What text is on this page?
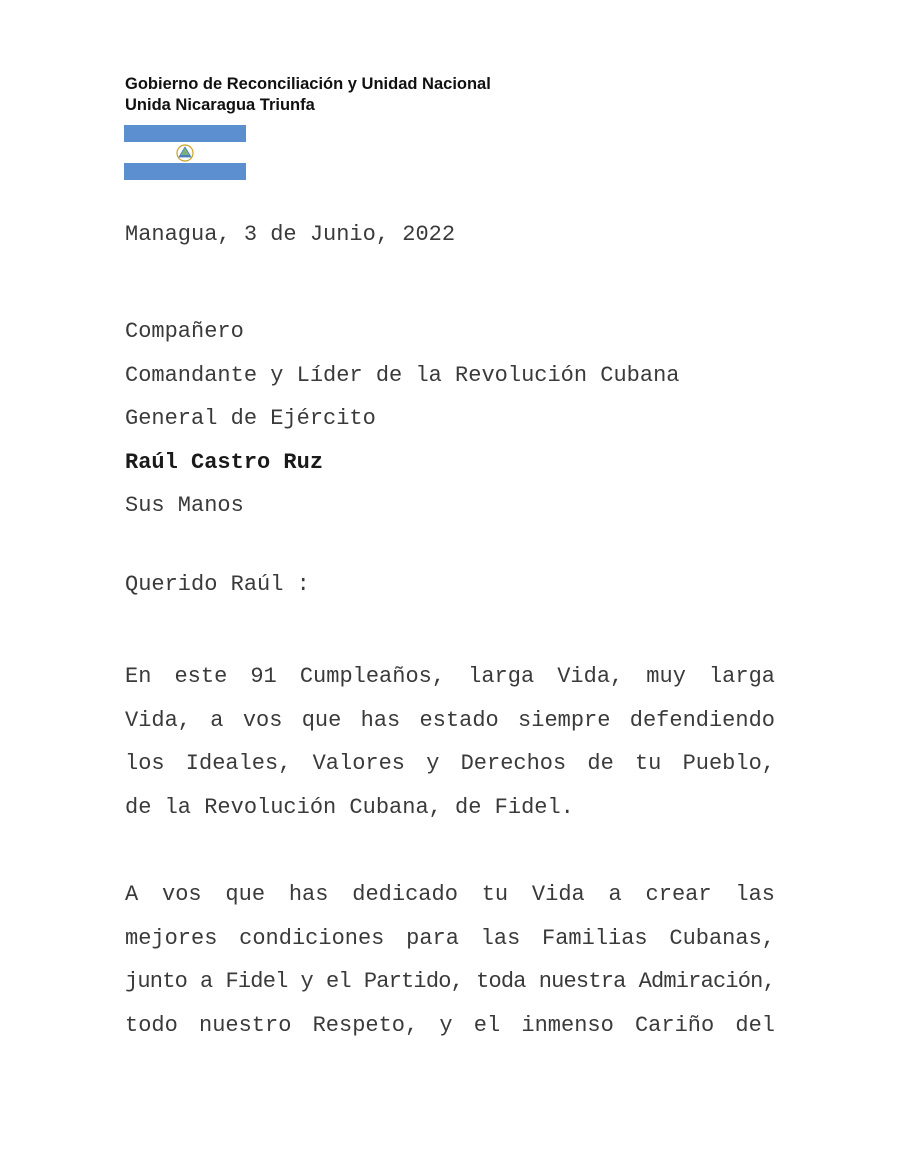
Gobierno de Reconciliación y Unidad Nacional
Unida Nicaragua Triunfa
Managua, 3 de Junio, 2022
Compañero
Comandante y Líder de la Revolución Cubana
General de Ejército
Raúl Castro Ruz
Sus Manos
Querido Raúl :
En este 91 Cumpleaños, larga Vida, muy larga
Vida, a vos que has estado siempre defendiendo
los Ideales, Valores y Derechos de tu Pueblo,
de la Revolución Cubana, de Fidel.
A vos que has dedicado tu Vida a crear las
mejores condiciones para las Familias Cubanas,
junto a Fidel y el Partido, toda nuestra Admiración,
todo nuestro Respeto, y el inmenso Cariño del
